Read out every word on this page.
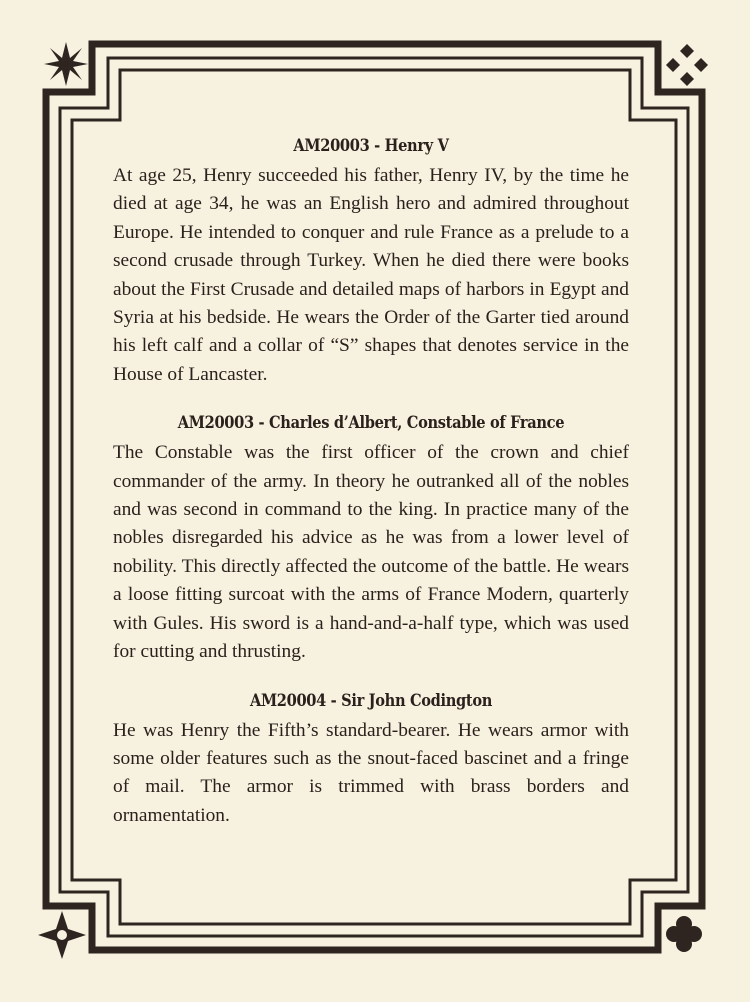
AM20003 - Henry V

At age 25, Henry succeeded his father, Henry IV, by the time he died at age 34, he was an English hero and admired throughout Europe. He intended to conquer and rule France as a prelude to a second crusade through Turkey. When he died there were books about the First Crusade and detailed maps of harbors in Egypt and Syria at his bedside. He wears the Order of the Garter tied around his left calf and a collar of “S” shapes that denotes service in the House of Lancaster.

AM20003 - Charles d’Albert, Constable of France

The Constable was the first officer of the crown and chief commander of the army. In theory he outranked all of the nobles and was second in command to the king. In practice many of the nobles disregarded his advice as he was from a lower level of nobility. This directly affected the outcome of the battle. He wears a loose fitting surcoat with the arms of France Modern, quarterly with Gules. His sword is a hand-and-a-half type, which was used for cutting and thrusting.

AM20004 - Sir John Codington

He was Henry the Fifth’s standard-bearer. He wears armor with some older features such as the snout-faced bascinet and a fringe of mail. The armor is trimmed with brass borders and ornamentation.
